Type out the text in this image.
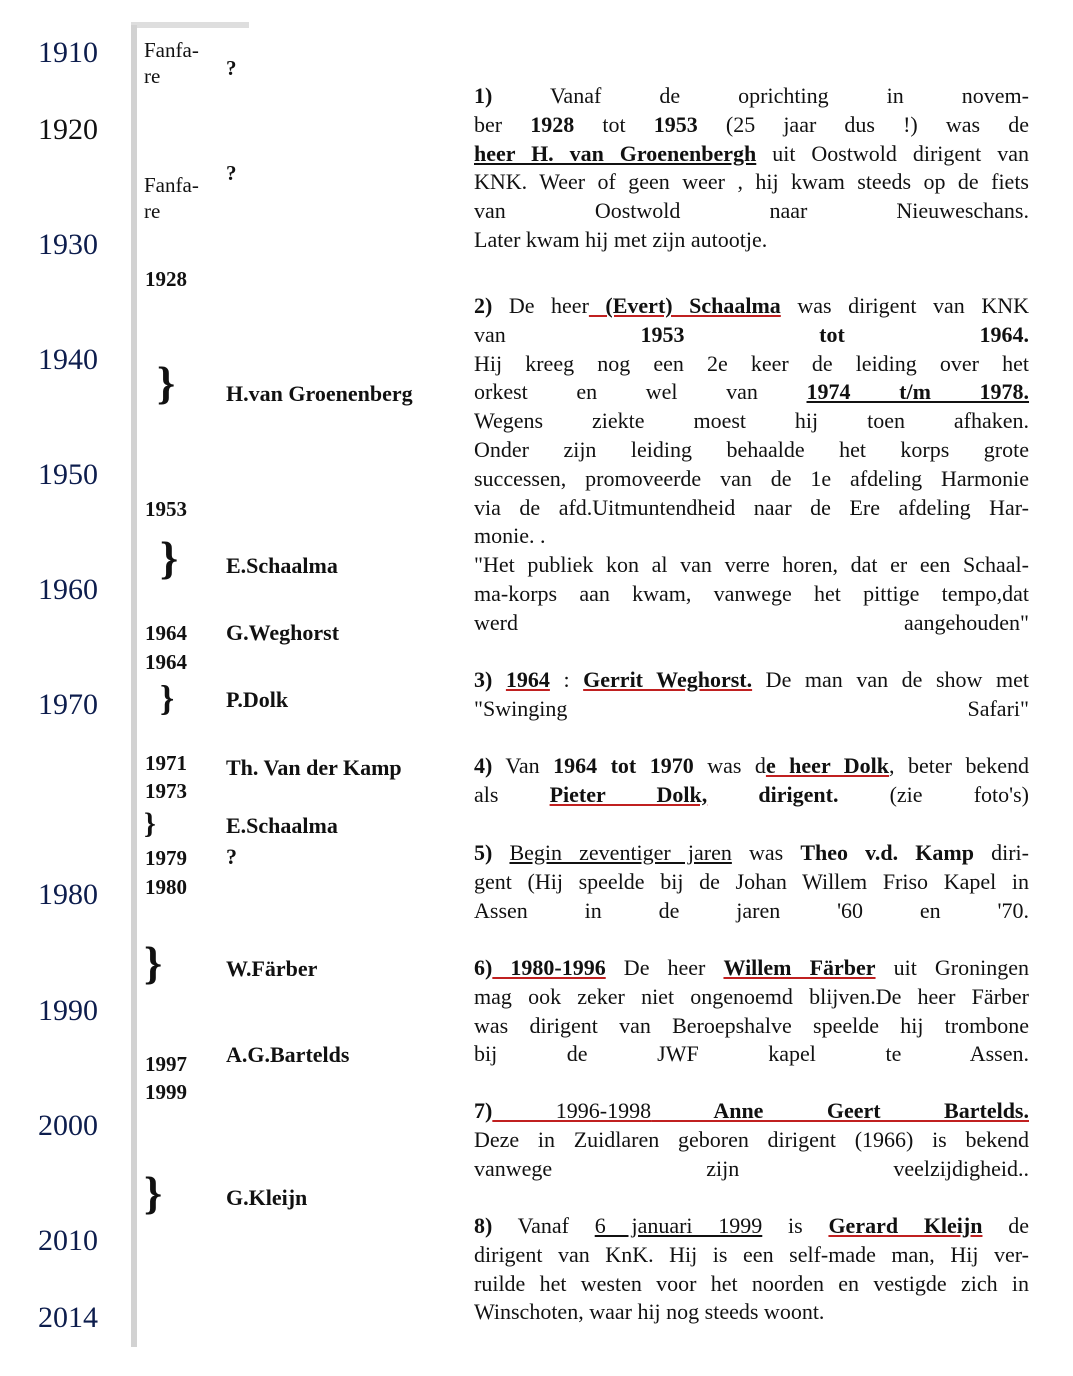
1910
1920
1930
1940
1950
1960
1970
1980
1990
2000
2010
2014
Fanfa-
re	?
Fanfa-
re
?
1928
1953
1964
1964
1971
1973
1979
1980
1997
1999
}
}
}
}
}
}
H.van Groenenberg
E.Schaalma
G.Weghorst
P.Dolk
Th. Van der Kamp
E.Schaalma
?
W.Färber
A.G.Bartelds
G.Kleijn
1)	Vanaf de oprichting in novem-
ber 1928 tot 1953 (25 jaar dus !) was de
heer H. van Groenenbergh uit Oostwold dirigent van
KNK. Weer of geen weer , hij kwam steeds op de fiets
van Oostwold naar Nieuweschans.
Later kwam hij met zijn autootje.
2) De heer (Evert) Schaalma was dirigent van KNK
van 1953 tot 1964.
Hij kreeg nog een 2e keer de leiding over het
orkest en wel van 1974 t/m 1978.
Wegens ziekte moest hij toen afhaken.
Onder zijn leiding behaalde het korps grote
successen, promoveerde van de 1e afdeling Harmonie
via de afd.Uitmuntendheid naar de Ere afdeling Har-
monie. .
"Het publiek kon al van verre horen, dat er een Schaal-
ma-korps aan kwam, vanwege het pittige tempo,dat
werd aangehouden"
3) 1964 : Gerrit Weghorst. De man van de show met
"Swinging Safari"
4) Van 1964 tot 1970 was de heer Dolk, beter bekend
als Pieter Dolk, dirigent. (zie foto's)
5) Begin zeventiger jaren was Theo v.d. Kamp diri-
gent (Hij speelde bij de Johan Willem Friso Kapel in
Assen in de jaren '60 en '70.
6) 1980-1996 De heer Willem Färber uit Groningen
mag ook zeker niet ongenoemd blijven.De heer Färber
was dirigent van Beroepshalve speelde hij trombone
bij de JWF kapel te Assen.
7) 1996-1998 Anne Geert Bartelds.
Deze in Zuidlaren geboren dirigent (1966) is bekend
vanwege zijn veelzijdigheid..
8) Vanaf 6 januari 1999 is Gerard Kleijn de
dirigent van KnK. Hij is een self-made man, Hij ver-
ruilde het westen voor het noorden en vestigde zich in
Winschoten, waar hij nog steeds woont.
